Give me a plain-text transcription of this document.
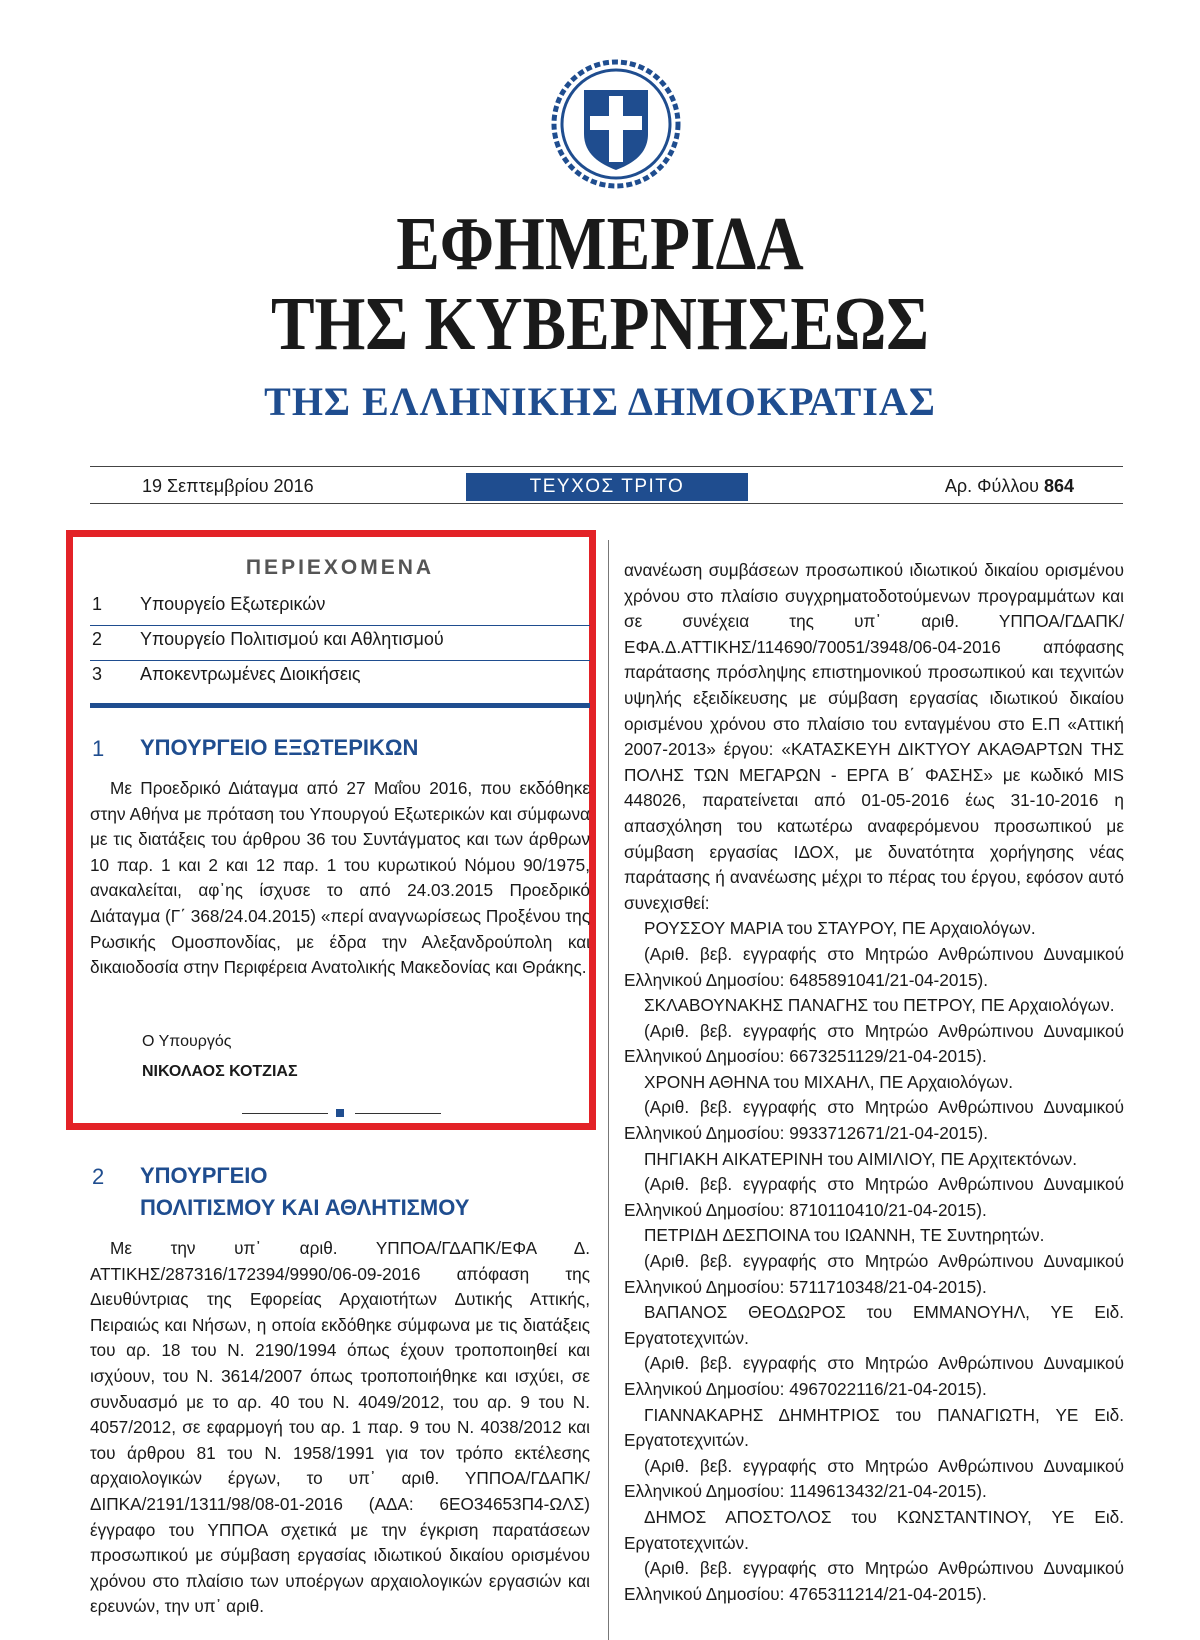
ΕΦΗΜΕΡΙΔΑ
ΤΗΣ ΚΥΒΕΡΝΗΣΕΩΣ
ΤΗΣ ΕΛΛΗΝΙΚΗΣ ΔΗΜΟΚΡΑΤΙΑΣ
19 Σεπτεμβρίου 2016	ΤΕΥΧΟΣ ΤΡΙΤΟ	Αρ. Φύλλου 864
ΠΕΡΙΕΧΟΜΕΝΑ
1 Υπουργείο Εξωτερικών
2 Υπουργείο Πολιτισμού και Αθλητισμού
3 Αποκεντρωμένες Διοικήσεις
1 ΥΠΟΥΡΓΕΙΟ ΕΞΩΤΕΡΙΚΩΝ

Με Προεδρικό Διάταγμα από 27 Μαΐου 2016, που εκδόθηκε στην Αθήνα με πρόταση του Υπουργού Εξωτερικών και σύμφωνα με τις διατάξεις του άρθρου 36 του Συντάγματος και των άρθρων 10 παρ. 1 και 2 και 12 παρ. 1 του κυρωτικού Νόμου 90/1975, ανακαλείται, αφ᾽ης ίσχυσε το από 24.03.2015 Προεδρικό Διάταγμα (Γ΄ 368/24.04.2015) «περί αναγνωρίσεως Προξένου της Ρωσικής Ομοσπονδίας, με έδρα την Αλεξανδρούπολη και δικαιοδοσία στην Περιφέρεια Ανατολικής Μακεδονίας και Θράκης.

Ο Υπουργός
ΝΙΚΟΛΑΟΣ ΚΟΤΖΙΑΣ
2 ΥΠΟΥΡΓΕΙΟ
ΠΟΛΙΤΙΣΜΟΥ ΚΑΙ ΑΘΛΗΤΙΣΜΟΥ

Με την υπ᾽ αριθ. ΥΠΠΟΑ/ΓΔΑΠΚ/ΕΦΑ Δ. ΑΤΤΙΚΗΣ/287316/172394/9990/06-09-2016 απόφαση της Διευθύντριας της Εφορείας Αρχαιοτήτων Δυτικής Αττικής, Πειραιώς και Νήσων, η οποία εκδόθηκε σύμφωνα με τις διατάξεις του αρ. 18 του Ν. 2190/1994 όπως έχουν τροποποιηθεί και ισχύουν, του Ν. 3614/2007 όπως τροποποιήθηκε και ισχύει, σε συνδυασμό με το αρ. 40 του Ν. 4049/2012, του αρ. 9 του Ν. 4057/2012, σε εφαρμογή του αρ. 1 παρ. 9 του Ν. 4038/2012 και του άρθρου 81 του Ν. 1958/1991 για τον τρόπο εκτέλεσης αρχαιολογικών έργων, το υπ᾽ αριθ. ΥΠΠΟΑ/ΓΔΑΠΚ/ΔΙΠΚΑ/2191/1311/98/08-01-2016 (ΑΔΑ: 6ΕΟ34653Π4-ΩΛΣ) έγγραφο του ΥΠΠΟΑ σχετικά με την έγκριση παρατάσεων προσωπικού με σύμβαση εργασίας ιδιωτικού δικαίου ορισμένου χρόνου στο πλαίσιο των υποέργων αρχαιολογικών εργασιών και ερευνών, την υπ᾽ αριθ.

ανανέωση συμβάσεων προσωπικού ιδιωτικού δικαίου ορισμένου χρόνου στο πλαίσιο συγχρηματοδοτούμενων προγραμμάτων και σε συνέχεια της υπ᾽ αριθ. ΥΠΠΟΑ/ΓΔΑΠΚ/ΕΦΑ.Δ.ΑΤΤΙΚΗΣ/114690/70051/3948/06-04-2016 απόφασης παράτασης πρόσληψης επιστημονικού προσωπικού και τεχνιτών υψηλής εξειδίκευσης με σύμβαση εργασίας ιδιωτικού δικαίου ορισμένου χρόνου στο πλαίσιο του ενταγμένου στο Ε.Π «Αττική 2007-2013» έργου: «ΚΑΤΑΣΚΕΥΗ ΔΙΚΤΥΟΥ ΑΚΑΘΑΡΤΩΝ ΤΗΣ ΠΟΛΗΣ ΤΩΝ ΜΕΓΑΡΩΝ - ΕΡΓΑ Β΄ ΦΑΣΗΣ» με κωδικό MIS 448026, παρατείνεται από 01-05-2016 έως 31-10-2016 η απασχόληση του κατωτέρω αναφερόμενου προσωπικού με σύμβαση εργασίας ΙΔΟΧ, με δυνατότητα χορήγησης νέας παράτασης ή ανανέωσης μέχρι το πέρας του έργου, εφόσον αυτό συνεχισθεί:

ΡΟΥΣΣΟΥ ΜΑΡΙΑ του ΣΤΑΥΡΟΥ, ΠΕ Αρχαιολόγων.

(Αριθ. βεβ. εγγραφής στο Μητρώο Ανθρώπινου Δυναμικού Ελληνικού Δημοσίου: 6485891041/21-04-2015).

ΣΚΛΑΒΟΥΝΑΚΗΣ ΠΑΝΑΓΗΣ του ΠΕΤΡΟΥ, ΠΕ Αρχαιολόγων.

(Αριθ. βεβ. εγγραφής στο Μητρώο Ανθρώπινου Δυναμικού Ελληνικού Δημοσίου: 6673251129/21-04-2015).

ΧΡΟΝΗ ΑΘΗΝΑ του ΜΙΧΑΗΛ, ΠΕ Αρχαιολόγων.

(Αριθ. βεβ. εγγραφής στο Μητρώο Ανθρώπινου Δυναμικού Ελληνικού Δημοσίου: 9933712671/21-04-2015).

ΠΗΓΙΑΚΗ ΑΙΚΑΤΕΡΙΝΗ του ΑΙΜΙΛΙΟΥ, ΠΕ Αρχιτεκτόνων.

(Αριθ. βεβ. εγγραφής στο Μητρώο Ανθρώπινου Δυναμικού Ελληνικού Δημοσίου: 8710110410/21-04-2015).

ΠΕΤΡΙΔΗ ΔΕΣΠΟΙΝΑ του ΙΩΑΝΝΗ, ΤΕ Συντηρητών.

(Αριθ. βεβ. εγγραφής στο Μητρώο Ανθρώπινου Δυναμικού Ελληνικού Δημοσίου: 5711710348/21-04-2015).

ΒΑΠΑΝΟΣ ΘΕΟΔΩΡΟΣ του ΕΜΜΑΝΟΥΗΛ, ΥΕ Ειδ. Εργατοτεχνιτών.

(Αριθ. βεβ. εγγραφής στο Μητρώο Ανθρώπινου Δυναμικού Ελληνικού Δημοσίου: 4967022116/21-04-2015).

ΓΙΑΝΝΑΚΑΡΗΣ ΔΗΜΗΤΡΙΟΣ του ΠΑΝΑΓΙΩΤΗ, ΥΕ Ειδ. Εργατοτεχνιτών.

(Αριθ. βεβ. εγγραφής στο Μητρώο Ανθρώπινου Δυναμικού Ελληνικού Δημοσίου: 1149613432/21-04-2015).

ΔΗΜΟΣ ΑΠΟΣΤΟΛΟΣ του ΚΩΝΣΤΑΝΤΙΝΟΥ, ΥΕ Ειδ. Εργατοτεχνιτών.

(Αριθ. βεβ. εγγραφής στο Μητρώο Ανθρώπινου Δυναμικού Ελληνικού Δημοσίου: 4765311214/21-04-2015).
